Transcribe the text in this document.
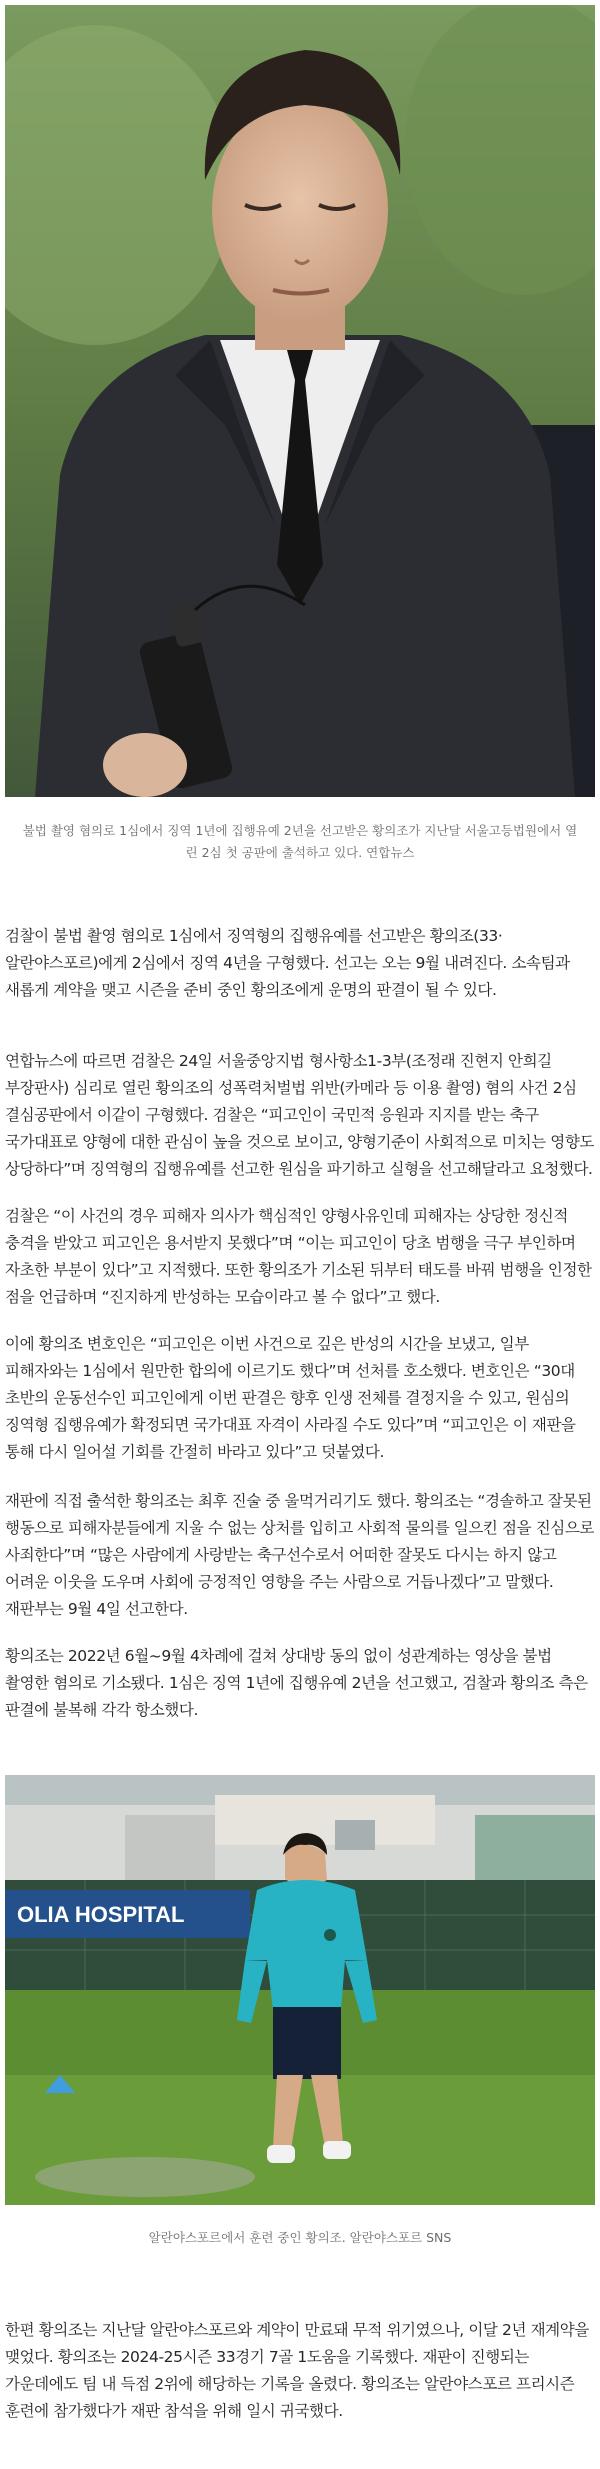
불법 촬영 혐의로 1심에서 징역 1년에 집행유예 2년을 선고받은 황의조가 지난달 서울고등법원에서 열린 2심 첫 공판에 출석하고 있다. 연합뉴스

검찰이 불법 촬영 혐의로 1심에서 징역형의 집행유예를 선고받은 황의조(33·알란야스포르)에게 2심에서 징역 4년을 구형했다. 선고는 오는 9월 내려진다. 소속팀과 새롭게 계약을 맺고 시즌을 준비 중인 황의조에게 운명의 판결이 될 수 있다.

연합뉴스에 따르면 검찰은 24일 서울중앙지법 형사항소1-3부(조정래 진현지 안희길 부장판사) 심리로 열린 황의조의 성폭력처벌법 위반(카메라 등 이용 촬영) 혐의 사건 2심 결심공판에서 이같이 구형했다. 검찰은 “피고인이 국민적 응원과 지지를 받는 축구 국가대표로 양형에 대한 관심이 높을 것으로 보이고, 양형기준이 사회적으로 미치는 영향도 상당하다”며 징역형의 집행유예를 선고한 원심을 파기하고 실형을 선고해달라고 요청했다.

검찰은 “이 사건의 경우 피해자 의사가 핵심적인 양형사유인데 피해자는 상당한 정신적 충격을 받았고 피고인은 용서받지 못했다”며 “이는 피고인이 당초 범행을 극구 부인하며 자초한 부분이 있다”고 지적했다. 또한 황의조가 기소된 뒤부터 태도를 바꿔 범행을 인정한 점을 언급하며 “진지하게 반성하는 모습이라고 볼 수 없다”고 했다.

이에 황의조 변호인은 “피고인은 이번 사건으로 깊은 반성의 시간을 보냈고, 일부 피해자와는 1심에서 원만한 합의에 이르기도 했다”며 선처를 호소했다. 변호인은 “30대 초반의 운동선수인 피고인에게 이번 판결은 향후 인생 전체를 결정지을 수 있고, 원심의 징역형 집행유예가 확정되면 국가대표 자격이 사라질 수도 있다”며 “피고인은 이 재판을 통해 다시 일어설 기회를 간절히 바라고 있다”고 덧붙였다.

재판에 직접 출석한 황의조는 최후 진술 중 울먹거리기도 했다. 황의조는 “경솔하고 잘못된 행동으로 피해자분들에게 지울 수 없는 상처를 입히고 사회적 물의를 일으킨 점을 진심으로 사죄한다”며 “많은 사람에게 사랑받는 축구선수로서 어떠한 잘못도 다시는 하지 않고 어려운 이웃을 도우며 사회에 긍정적인 영향을 주는 사람으로 거듭나겠다”고 말했다. 재판부는 9월 4일 선고한다.

황의조는 2022년 6월~9월 4차례에 걸쳐 상대방 동의 없이 성관계하는 영상을 불법 촬영한 혐의로 기소됐다. 1심은 징역 1년에 집행유예 2년을 선고했고, 검찰과 황의조 측은 판결에 불복해 각각 항소했다.

OLIA HOSPITAL

알란야스포르에서 훈련 중인 황의조. 알란야스포르 SNS

한편 황의조는 지난달 알란야스포르와 계약이 만료돼 무적 위기였으나, 이달 2년 재계약을 맺었다. 황의조는 2024-25시즌 33경기 7골 1도움을 기록했다. 재판이 진행되는 가운데에도 팀 내 득점 2위에 해당하는 기록을 올렸다. 황의조는 알란야스포르 프리시즌 훈련에 참가했다가 재판 참석을 위해 일시 귀국했다.
